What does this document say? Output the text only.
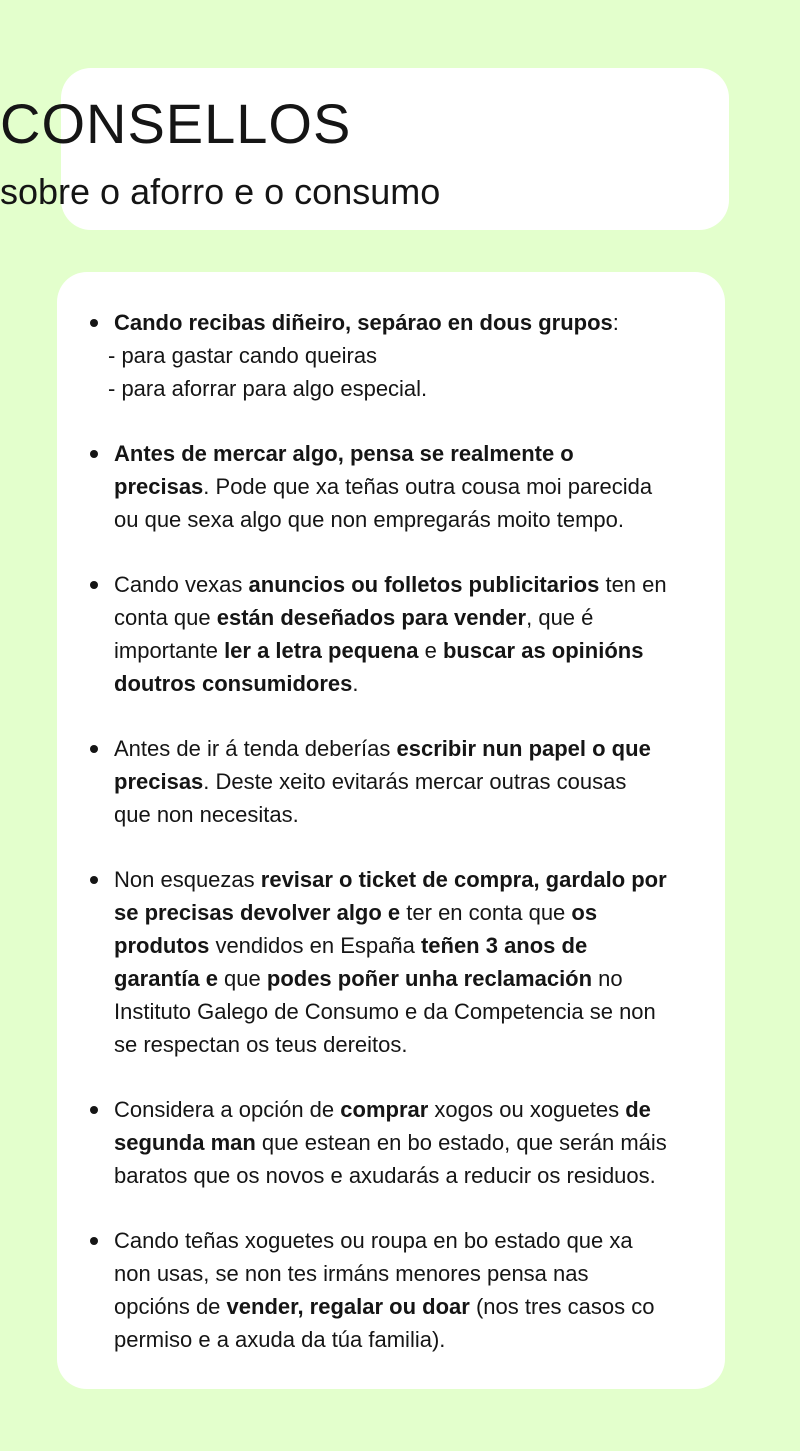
CONSELLOS
sobre o aforro e o consumo
Cando recibas diñeiro, sepárao en dous grupos:
- para gastar cando queiras
- para aforrar para algo especial.
Antes de mercar algo, pensa se realmente o precisas. Pode que xa teñas outra cousa moi parecida ou que sexa algo que non empregarás moito tempo.
Cando vexas anuncios ou folletos publicitarios ten en conta que están deseñados para vender, que é importante ler a letra pequena e buscar as opinións doutros consumidores.
Antes de ir á tenda deberías escribir nun papel o que precisas. Deste xeito evitarás mercar outras cousas que non necesitas.
Non esquezas revisar o ticket de compra, gardalo por se precisas devolver algo e ter en conta que os produtos vendidos en España teñen 3 anos de garantía e que podes poñer unha reclamación no Instituto Galego de Consumo e da Competencia se non se respectan os teus dereitos.
Considera a opción de comprar xogos ou xoguetes de segunda man que estean en bo estado, que serán máis baratos que os novos e axudarás a reducir os residuos.
Cando teñas xoguetes ou roupa en bo estado que xa non usas, se non tes irmáns menores pensa nas opcións de vender, regalar ou doar (nos tres casos co permiso e a axuda da túa familia).
